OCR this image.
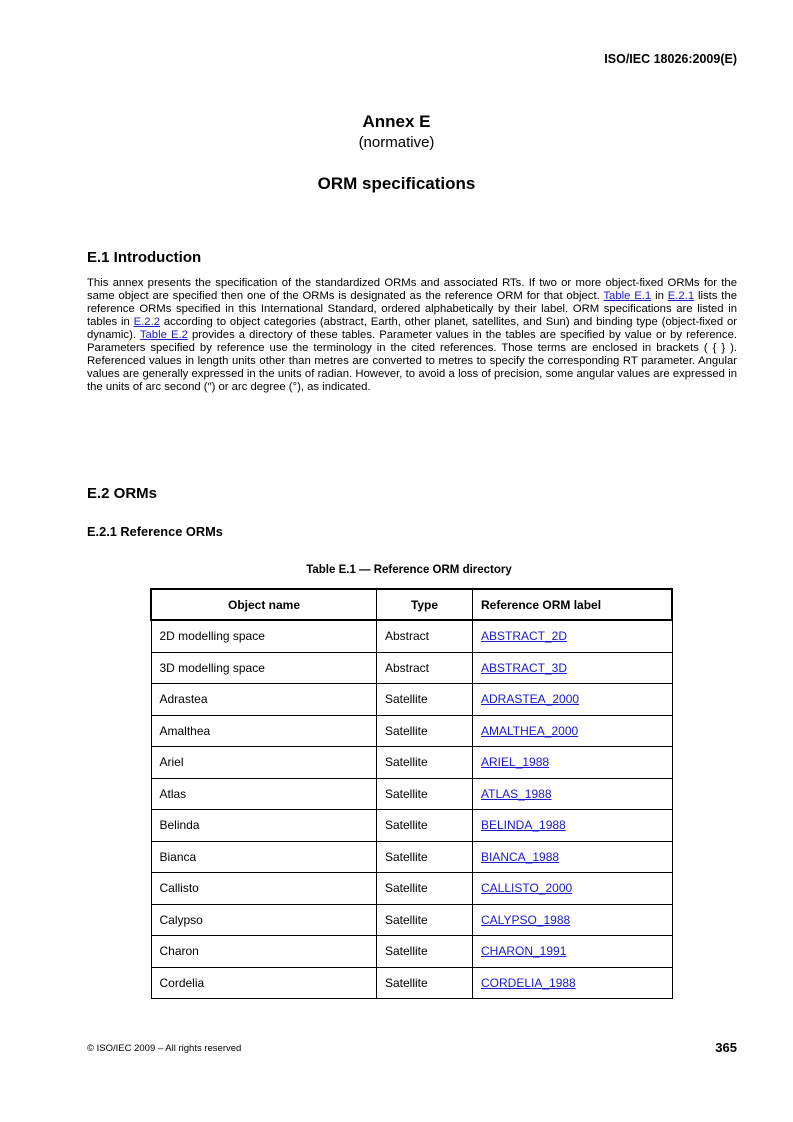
ISO/IEC 18026:2009(E)
Annex E
(normative)
ORM specifications
E.1 Introduction
This annex presents the specification of the standardized ORMs and associated RTs. If two or more object-fixed ORMs for the same object are specified then one of the ORMs is designated as the reference ORM for that object. Table E.1 in E.2.1 lists the reference ORMs specified in this International Standard, ordered alphabetically by their label. ORM specifications are listed in tables in E.2.2 according to object categories (abstract, Earth, other planet, satellites, and Sun) and binding type (object-fixed or dynamic). Table E.2 provides a directory of these tables. Parameter values in the tables are specified by value or by reference. Parameters specified by reference use the terminology in the cited references. Those terms are enclosed in brackets ( { } ). Referenced values in length units other than metres are converted to metres to specify the corresponding RT parameter. Angular values are generally expressed in the units of radian. However, to avoid a loss of precision, some angular values are expressed in the units of arc second (″) or arc degree (°), as indicated.
E.2 ORMs
E.2.1 Reference ORMs
Table E.1 — Reference ORM directory
Object name	Type	Reference ORM label
2D modelling space	Abstract	ABSTRACT_2D
3D modelling space	Abstract	ABSTRACT_3D
Adrastea	Satellite	ADRASTEA_2000
Amalthea	Satellite	AMALTHEA_2000
Ariel	Satellite	ARIEL_1988
Atlas	Satellite	ATLAS_1988
Belinda	Satellite	BELINDA_1988
Bianca	Satellite	BIANCA_1988
Callisto	Satellite	CALLISTO_2000
Calypso	Satellite	CALYPSO_1988
Charon	Satellite	CHARON_1991
Cordelia	Satellite	CORDELIA_1988
© ISO/IEC 2009 – All rights reserved	365
